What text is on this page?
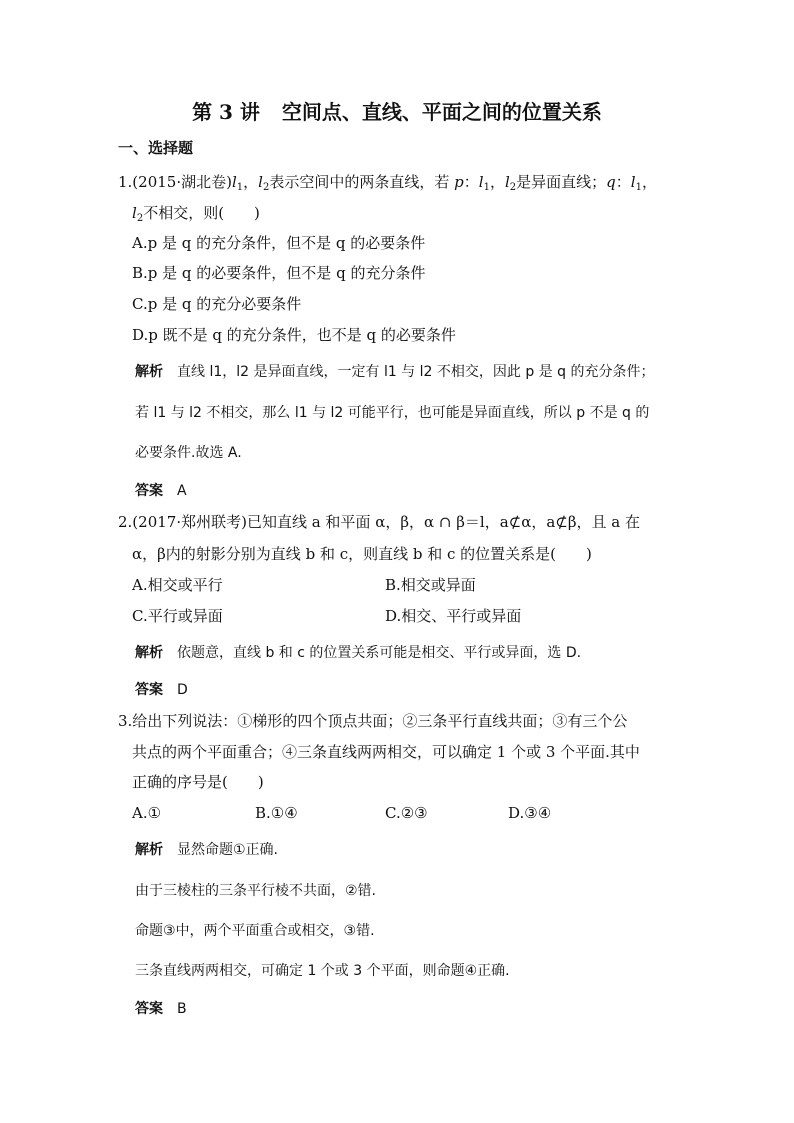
第 3 讲 空间点、直线、平面之间的位置关系
一、选择题
1.(2015·湖北卷)$l_1$，$l_2$表示空间中的两条直线，若 p：$l_1$，$l_2$是异面直线；q：$l_1$，
$l_2$不相交，则(　　)
A.p 是 q 的充分条件，但不是 q 的必要条件
B.p 是 q 的必要条件，但不是 q 的充分条件
C.p 是 q 的充分必要条件
D.p 既不是 q 的充分条件，也不是 q 的必要条件
解析 直线 l1，l2 是异面直线，一定有 l1 与 l2 不相交，因此 p 是 q 的充分条件；
若 l1 与 l2 不相交，那么 l1 与 l2 可能平行，也可能是异面直线，所以 p 不是 q 的
必要条件.故选 A.
答案 A
2.(2017·郑州联考)已知直线 a 和平面 α，β，α ∩ β＝l，a⊄α，a⊄β，且 a 在
α，β内的射影分别为直线 b 和 c，则直线 b 和 c 的位置关系是(　　)
A.相交或平行	B.相交或异面
C.平行或异面	D.相交、平行或异面
解析 依题意，直线 b 和 c 的位置关系可能是相交、平行或异面，选 D.
答案 D
3.给出下列说法：①梯形的四个顶点共面；②三条平行直线共面；③有三个公
共点的两个平面重合；④三条直线两两相交，可以确定 1 个或 3 个平面.其中
正确的序号是(　　)
A.①	B.①④	C.②③	D.③④
解析 显然命题①正确.
由于三棱柱的三条平行棱不共面，②错.
命题③中，两个平面重合或相交，③错.
三条直线两两相交，可确定 1 个或 3 个平面，则命题④正确.
答案 B
